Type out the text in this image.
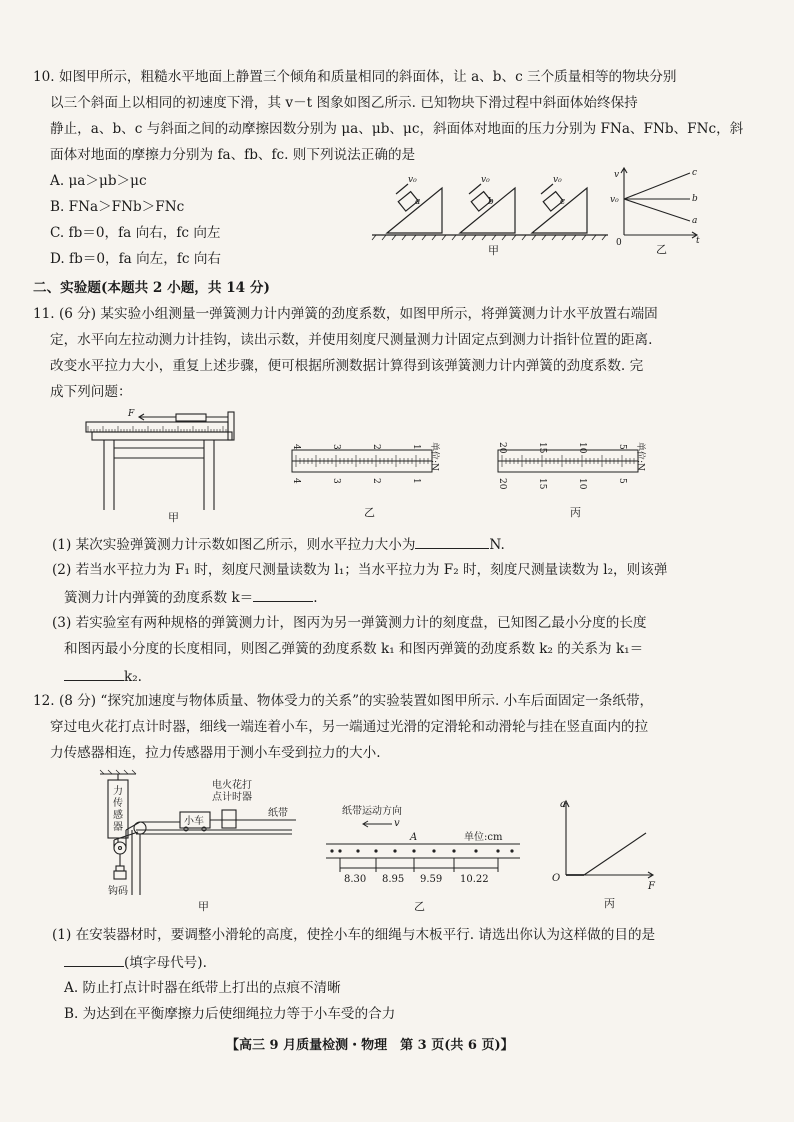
10. 如图甲所示，粗糙水平地面上静置三个倾角和质量相同的斜面体，让 a、b、c 三个质量相等的物块分别
以三个斜面上以相同的初速度下滑，其 v－t 图象如图乙所示. 已知物块下滑过程中斜面体始终保持
静止，a、b、c 与斜面之间的动摩擦因数分别为 μa、μb、μc，斜面体对地面的压力分别为 FNa、FNb、FNc，斜
面体对地面的摩擦力分别为 fa、fb、fc. 则下列说法正确的是
A. μa＞μb＞μc
B. FNa＞FNb＞FNc
C. fb＝0，fa 向右，fc 向左
D. fb＝0，fa 向左，fc 向右
a	b	c
v₀	v₀	v₀
甲
v
v₀
c
b
a
0	t
乙
二、实验题(本题共 2 小题，共 14 分)
11. (6 分) 某实验小组测量一弹簧测力计内弹簧的劲度系数，如图甲所示，将弹簧测力计水平放置右端固
定，水平向左拉动测力计挂钩，读出示数，并使用刻度尺测量测力计固定点到测力计指针位置的距离.
改变水平拉力大小，重复上述步骤，便可根据所测数据计算得到该弹簧测力计内弹簧的劲度系数. 完
成下列问题：
F
甲
4	3	2	1
4	3	2	1
单位:N
乙
20	15	10	5
20	15	10	5
单位:N
丙
(1) 某次实验弹簧测力计示数如图乙所示，则水平拉力大小为	N.
(2) 若当水平拉力为 F₁ 时，刻度尺测量读数为 l₁；当水平拉力为 F₂ 时，刻度尺测量读数为 l₂，则该弹
簧测力计内弹簧的劲度系数 k＝	.
(3) 若实验室有两种规格的弹簧测力计，图丙为另一弹簧测力计的刻度盘，已知图乙最小分度的长度
和图丙最小分度的长度相同，则图乙弹簧的劲度系数 k₁ 和图丙弹簧的劲度系数 k₂ 的关系为 k₁＝
k₂.
12. (8 分) “探究加速度与物体质量、物体受力的关系”的实验装置如图甲所示. 小车后面固定一条纸带，
穿过电火花打点计时器，细线一端连着小车，另一端通过光滑的定滑轮和动滑轮与挂在竖直面内的拉
力传感器相连，拉力传感器用于测小车受到拉力的大小.
力
传
感
器
小车
电火花打
点计时器
纸带
钩码
甲
纸带运动方向
v
A	单位:cm
8.30 8.95 9.59 10.22
乙
a
O
F
丙
(1) 在安装器材时，要调整小滑轮的高度，使拴小车的细绳与木板平行. 请选出你认为这样做的目的是
(填字母代号).
A. 防止打点计时器在纸带上打出的点痕不清晰
B. 为达到在平衡摩擦力后使细绳拉力等于小车受的合力
【高三 9 月质量检测・物理　第 3 页(共 6 页)】
